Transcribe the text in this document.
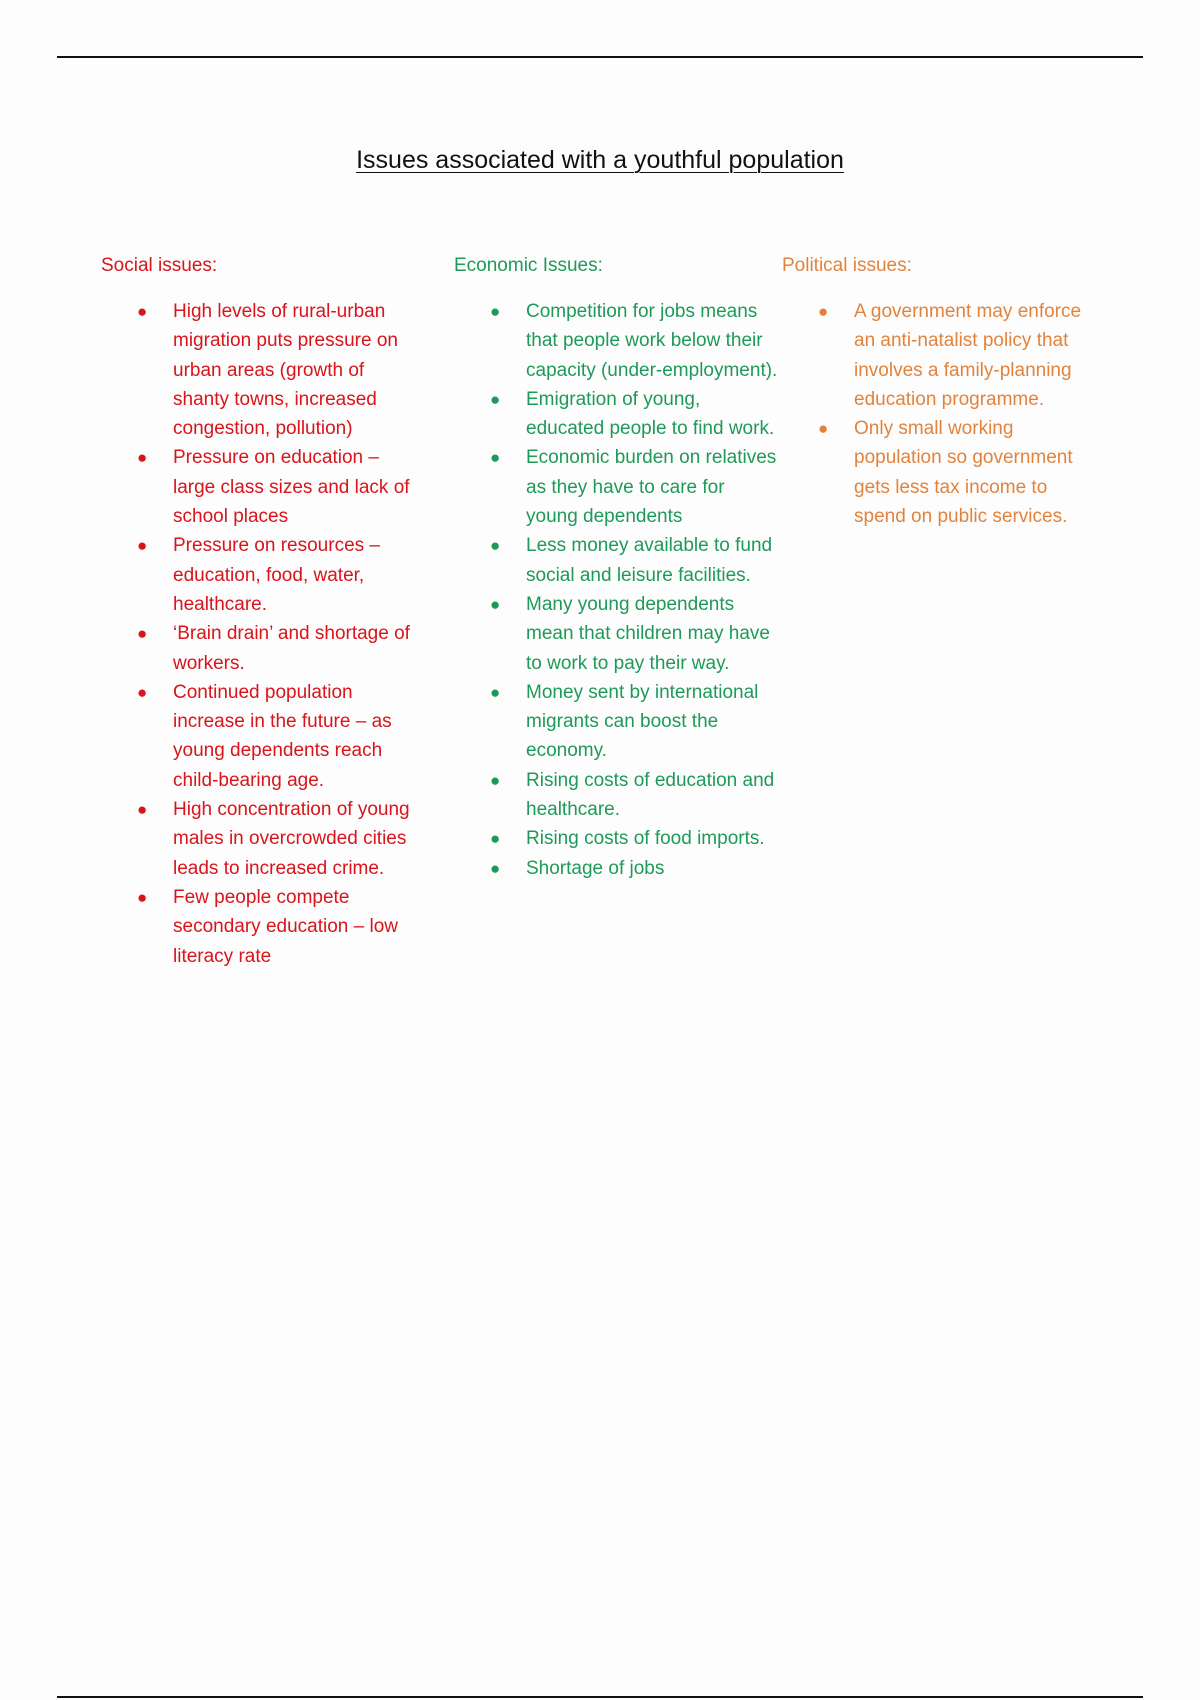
Issues associated with a youthful population
Social issues:
● High levels of rural-urban migration puts pressure on urban areas (growth of shanty towns, increased congestion, pollution)
● Pressure on education – large class sizes and lack of school places
● Pressure on resources – education, food, water, healthcare.
● ‘Brain drain’ and shortage of workers.
● Continued population increase in the future – as young dependents reach child-bearing age.
● High concentration of young males in overcrowded cities leads to increased crime.
● Few people compete secondary education – low literacy rate
Economic Issues:
● Competition for jobs means that people work below their capacity (under-employment).
● Emigration of young, educated people to find work.
● Economic burden on relatives as they have to care for young dependents
● Less money available to fund social and leisure facilities.
● Many young dependents mean that children may have to work to pay their way.
● Money sent by international migrants can boost the economy.
● Rising costs of education and healthcare.
● Rising costs of food imports.
● Shortage of jobs
Political issues:
● A government may enforce an anti-natalist policy that involves a family-planning education programme.
● Only small working population so government gets less tax income to spend on public services.
